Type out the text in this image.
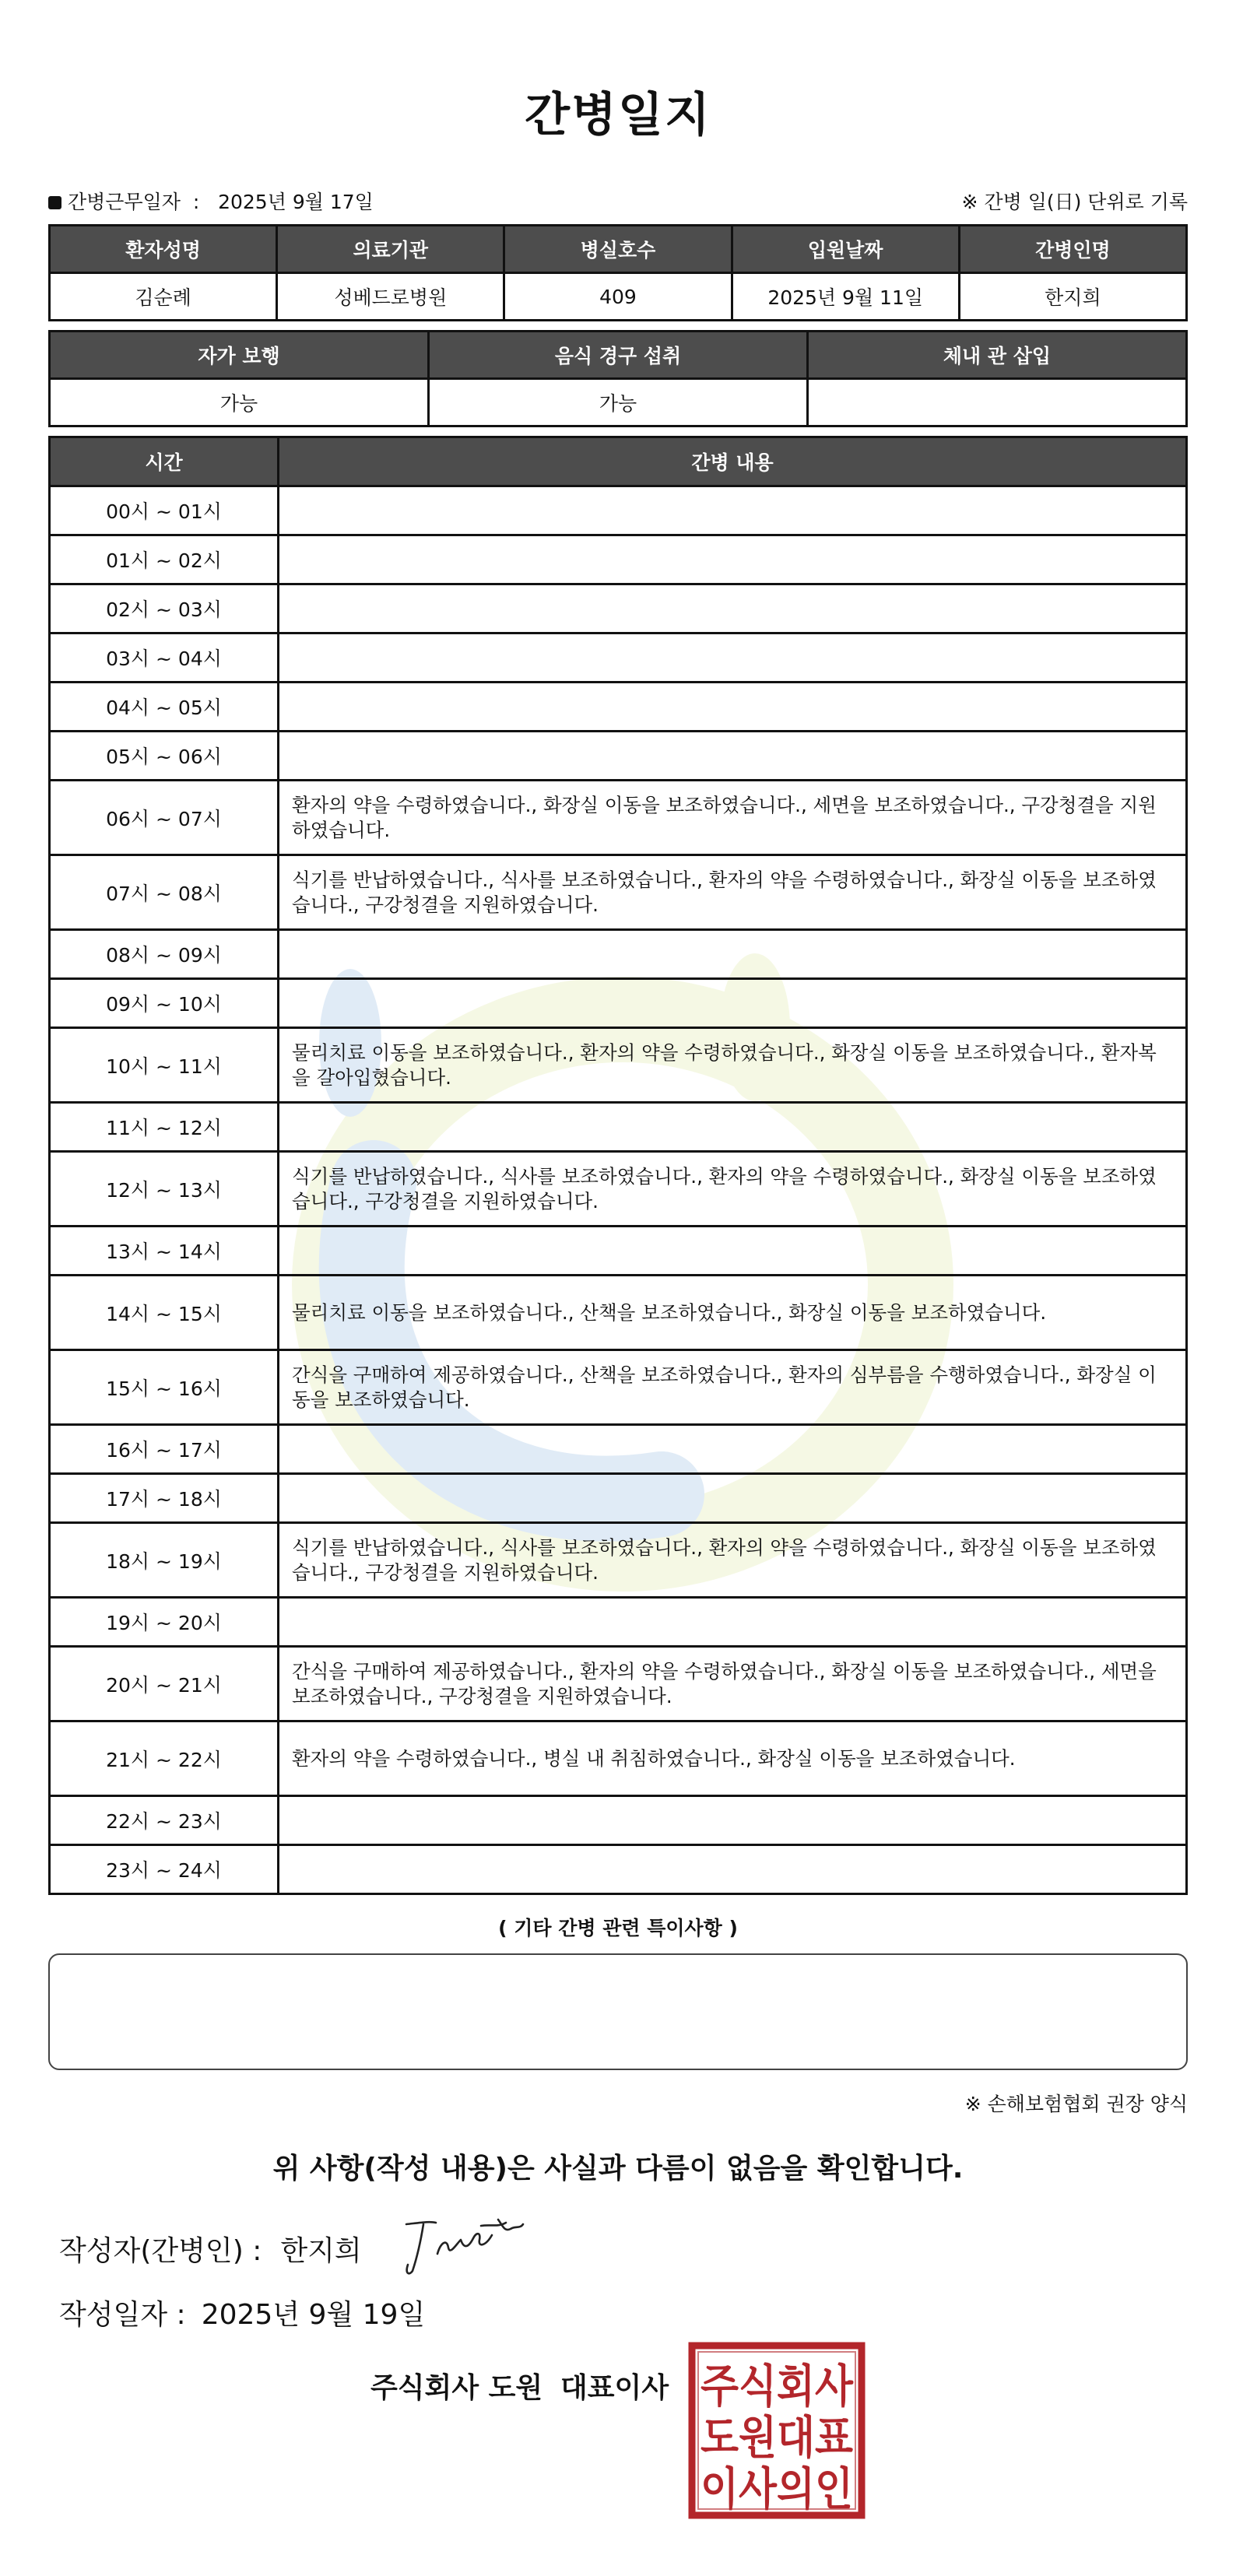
간병일지
간병근무일자 : 2025년 9월 17일	※ 간병 일(日) 단위로 기록
환자성명	의료기관	병실호수	입원날짜	간병인명
김순례	성베드로병원	409	2025년 9월 11일	한지희
자가 보행	음식 경구 섭취	체내 관 삽입
가능	가능	
시간	간병 내용
00시 ~ 01시	
01시 ~ 02시	
02시 ~ 03시	
03시 ~ 04시	
04시 ~ 05시	
05시 ~ 06시	
06시 ~ 07시	환자의 약을 수령하였습니다., 화장실 이동을 보조하였습니다., 세면을 보조하였습니다., 구강청결을 지원하였습니다.
07시 ~ 08시	식기를 반납하였습니다., 식사를 보조하였습니다., 환자의 약을 수령하였습니다., 화장실 이동을 보조하였습니다., 구강청결을 지원하였습니다.
08시 ~ 09시	
09시 ~ 10시	
10시 ~ 11시	물리치료 이동을 보조하였습니다., 환자의 약을 수령하였습니다., 화장실 이동을 보조하였습니다., 환자복을 갈아입혔습니다.
11시 ~ 12시	
12시 ~ 13시	식기를 반납하였습니다., 식사를 보조하였습니다., 환자의 약을 수령하였습니다., 화장실 이동을 보조하였습니다., 구강청결을 지원하였습니다.
13시 ~ 14시	
14시 ~ 15시	물리치료 이동을 보조하였습니다., 산책을 보조하였습니다., 화장실 이동을 보조하였습니다.
15시 ~ 16시	간식을 구매하여 제공하였습니다., 산책을 보조하였습니다., 환자의 심부름을 수행하였습니다., 화장실 이동을 보조하였습니다.
16시 ~ 17시	
17시 ~ 18시	
18시 ~ 19시	식기를 반납하였습니다., 식사를 보조하였습니다., 환자의 약을 수령하였습니다., 화장실 이동을 보조하였습니다., 구강청결을 지원하였습니다.
19시 ~ 20시	
20시 ~ 21시	간식을 구매하여 제공하였습니다., 환자의 약을 수령하였습니다., 화장실 이동을 보조하였습니다., 세면을 보조하였습니다., 구강청결을 지원하였습니다.
21시 ~ 22시	환자의 약을 수령하였습니다., 병실 내 취침하였습니다., 화장실 이동을 보조하였습니다.
22시 ~ 23시	
23시 ~ 24시	
( 기타 간병 관련 특이사항 )
※ 손해보험협회 권장 양식
위 사항(작성 내용)은 사실과 다름이 없음을 확인합니다.
작성자(간병인) : 한지희
작성일자 : 2025년 9월 19일
주식회사 도원 대표이사 주식회사
도원대표
이사의인
